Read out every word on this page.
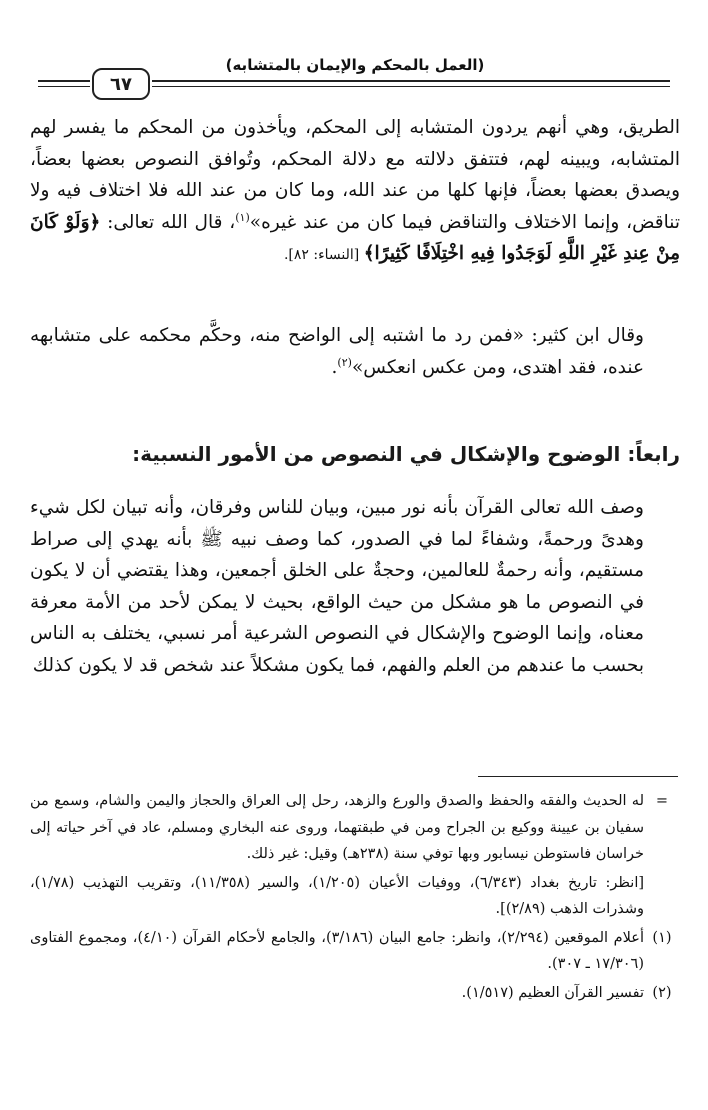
(العمل بالمحكم والإيمان بالمتشابه)
٦٧

الطريق، وهي أنهم يردون المتشابه إلى المحكم، ويأخذون من المحكم ما يفسر لهم المتشابه، ويبينه لهم، فتتفق دلالته مع دلالة المحكم، وتُوافق النصوص بعضها بعضاً، ويصدق بعضها بعضاً، فإنها كلها من عند الله، وما كان من عند الله فلا اختلاف فيه ولا تناقض، وإنما الاختلاف والتناقض فيما كان من عند غيره»$^{(١)}$، قال الله تعالى: ﴿وَلَوْ كَانَ مِنْ عِندِ غَيْرِ اللَّهِ لَوَجَدُوا فِيهِ اخْتِلَافًا كَثِيرًا﴾ [النساء: ٨٢].

وقال ابن كثير: «فمن رد ما اشتبه إلى الواضح منه، وحكَّم محكمه على متشابهه عنده، فقد اهتدى، ومن عكس انعكس»$^{(٢)}$.

رابعاً: الوضوح والإشكال في النصوص من الأمور النسبية:

وصف الله تعالى القرآن بأنه نور مبين، وبيان للناس وفرقان، وأنه تبيان لكل شيء وهدىً ورحمةً، وشفاءً لما في الصدور، كما وصف نبيه ﷺ بأنه يهدي إلى صراط مستقيم، وأنه رحمةٌ للعالمين، وحجةٌ على الخلق أجمعين، وهذا يقتضي أن لا يكون في النصوص ما هو مشكل من حيث الواقع، بحيث لا يمكن لأحد من الأمة معرفة معناه، وإنما الوضوح والإشكال في النصوص الشرعية أمر نسبي، يختلف به الناس بحسب ما عندهم من العلم والفهم، فما يكون مشكلاً عند شخص قد لا يكون كذلك

=
له الحديث والفقه والحفظ والصدق والورع والزهد، رحل إلى العراق والحجاز واليمن والشام، وسمع من سفيان بن عيينة ووكيع بن الجراح ومن في طبقتهما، وروى عنه البخاري ومسلم، عاد في آخر حياته إلى خراسان فاستوطن نيسابور وبها توفي سنة (٢٣٨هـ) وقيل: غير ذلك.
[انظر: تاريخ بغداد (٦/٣٤٣)، ووفيات الأعيان (١/٢٠٥)، والسير (١١/٣٥٨)، وتقريب التهذيب (١/٧٨)، وشذرات الذهب (٢/٨٩)].
(١)
أعلام الموقعين (٢/٢٩٤)، وانظر: جامع البيان (٣/١٨٦)، والجامع لأحكام القرآن (٤/١٠)، ومجموع الفتاوى (١٧/٣٠٦ ـ ٣٠٧).
(٢)
تفسير القرآن العظيم (١/٥١٧).
